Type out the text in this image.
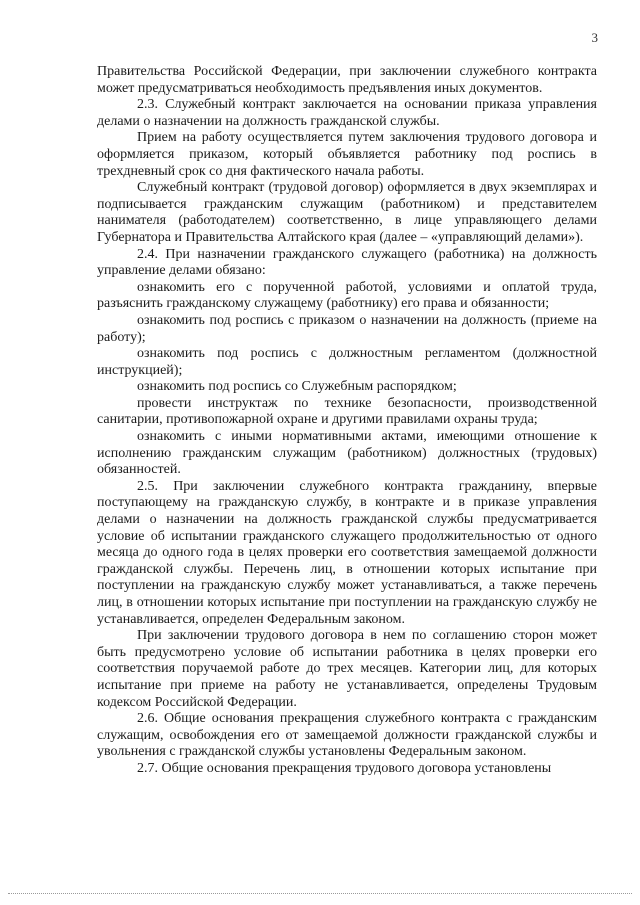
3

Правительства Российской Федерации, при заключении служебного контракта может предусматриваться необходимость предъявления иных документов.

2.3. Служебный контракт заключается на основании приказа управления делами о назначении на должность гражданской службы.

Прием на работу осуществляется путем заключения трудового договора и оформляется приказом, который объявляется работнику под роспись в трехдневный срок со дня фактического начала работы.

Служебный контракт (трудовой договор) оформляется в двух экземплярах и подписывается гражданским служащим (работником) и представителем нанимателя (работодателем) соответственно, в лице управляющего делами Губернатора и Правительства Алтайского края (далее – «управляющий делами»).

2.4. При назначении гражданского служащего (работника) на должность управление делами обязано:

ознакомить его с порученной работой, условиями и оплатой труда, разъяснить гражданскому служащему (работнику) его права и обязанности;

ознакомить под роспись с приказом о назначении на должность (приеме на работу);

ознакомить под роспись с должностным регламентом (должностной инструкцией);

ознакомить под роспись со Служебным распорядком;

провести инструктаж по технике безопасности, производственной санитарии, противопожарной охране и другими правилами охраны труда;

ознакомить с иными нормативными актами, имеющими отношение к исполнению гражданским служащим (работником) должностных (трудовых) обязанностей.

2.5. При заключении служебного контракта гражданину, впервые поступающему на гражданскую службу, в контракте и в приказе управления делами о назначении на должность гражданской службы предусматривается условие об испытании гражданского служащего продолжительностью от одного месяца до одного года в целях проверки его соответствия замещаемой должности гражданской службы. Перечень лиц, в отношении которых испытание при поступлении на гражданскую службу может устанавливаться, а также перечень лиц, в отношении которых испытание при поступлении на гражданскую службу не устанавливается, определен Федеральным законом.

При заключении трудового договора в нем по соглашению сторон может быть предусмотрено условие об испытании работника в целях проверки его соответствия поручаемой работе до трех месяцев. Категории лиц, для которых испытание при приеме на работу не устанавливается, определены Трудовым кодексом Российской Федерации.

2.6. Общие основания прекращения служебного контракта с гражданским служащим, освобождения его от замещаемой должности гражданской службы и увольнения с гражданской службы установлены Федеральным законом.

2.7. Общие основания прекращения трудового договора установлены
